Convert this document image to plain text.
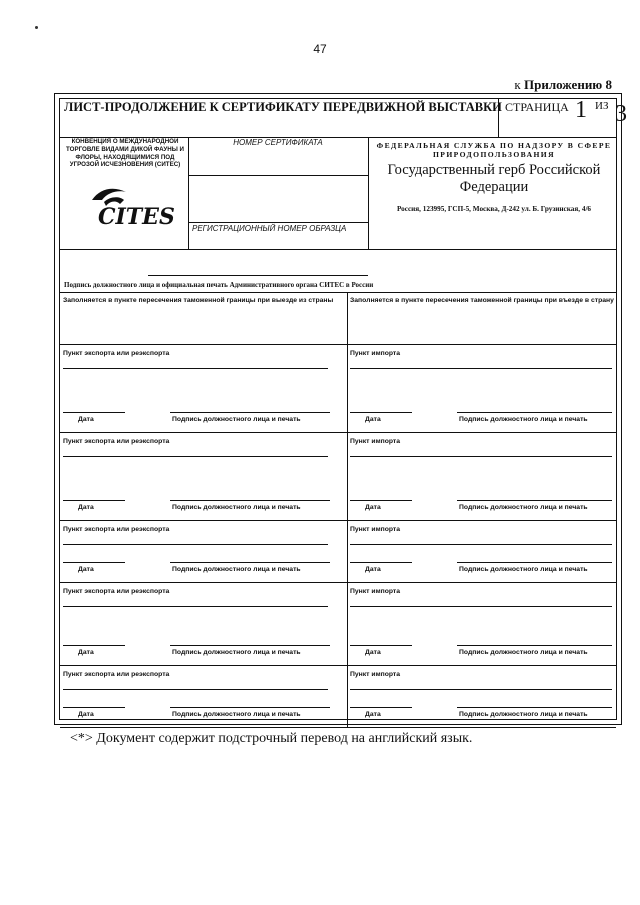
47
к Приложению 8
ЛИСТ-ПРОДОЛЖЕНИЕ К СЕРТИФИКАТУ ПЕРЕДВИЖНОЙ ВЫСТАВКИ СТРАНИЦА 1 ИЗ 3
КОНВЕНЦИЯ О МЕЖДУНАРОДНОЙ ТОРГОВЛЕ ВИДАМИ ДИКОЙ ФАУНЫ И ФЛОРЫ, НАХОДЯЩИМИСЯ ПОД УГРОЗОЙ ИСЧЕЗНОВЕНИЯ (СИТЕС)
CITES
НОМЕР СЕРТИФИКАТА
РЕГИСТРАЦИОННЫЙ НОМЕР ОБРАЗЦА
ФЕДЕРАЛЬНАЯ СЛУЖБА ПО НАДЗОРУ В СФЕРЕ ПРИРОДОПОЛЬЗОВАНИЯ
Государственный герб Российской Федерации
Россия, 123995, ГСП-5, Москва, Д-242 ул. Б. Грузинская, 4/6
Подпись должностного лица и официальная печать Административного органа СИТЕС в России
Заполняется в пункте пересечения таможенной границы при выезде из страны	Заполняется в пункте пересечения таможенной границы при въезде в страну
Пункт экспорта или реэкспорта
Дата	Подпись должностного лица и печать
Пункт импорта
Дата	Подпись должностного лица и печать
Пункт экспорта или реэкспорта
Дата	Подпись должностного лица и печать
Пункт импорта
Дата	Подпись должностного лица и печать
Пункт экспорта или реэкспорта
Дата	Подпись должностного лица и печать
Пункт импорта
Дата	Подпись должностного лица и печать
Пункт экспорта или реэкспорта
Дата	Подпись должностного лица и печать
Пункт импорта
Дата	Подпись должностного лица и печать
Пункт экспорта или реэкспорта
Дата	Подпись должностного лица и печать
Пункт импорта
Дата	Подпись должностного лица и печать
<*> Документ содержит подстрочный перевод на английский язык.
